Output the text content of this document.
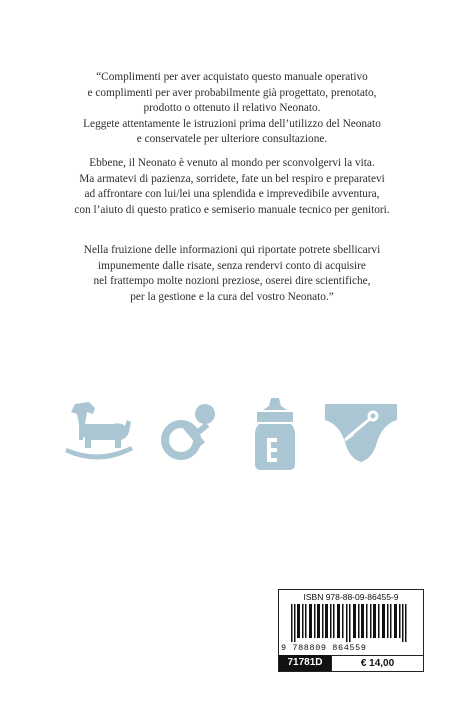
“Complimenti per aver acquistato questo manuale operativo
e complimenti per aver probabilmente già progettato, prenotato,
prodotto o ottenuto il relativo Neonato.
Leggete attentamente le istruzioni prima dell’utilizzo del Neonato
e conservatele per ulteriore consultazione.
Ebbene, il Neonato è venuto al mondo per sconvolgervi la vita.
Ma armatevi di pazienza, sorridete, fate un bel respiro e preparatevi
ad affrontare con lui/lei una splendida e imprevedibile avventura,
con l’aiuto di questo pratico e semiserio manuale tecnico per genitori.
Nella fruizione delle informazioni qui riportate potrete sbellicarvi
impunemente dalle risate, senza rendervi conto di acquisire
nel frattempo molte nozioni preziose, oserei dire scientifiche,
per la gestione e la cura del vostro Neonato.”
ISBN 978-88-09-86455-9
9 788809 864559
71781D	€ 14,00
